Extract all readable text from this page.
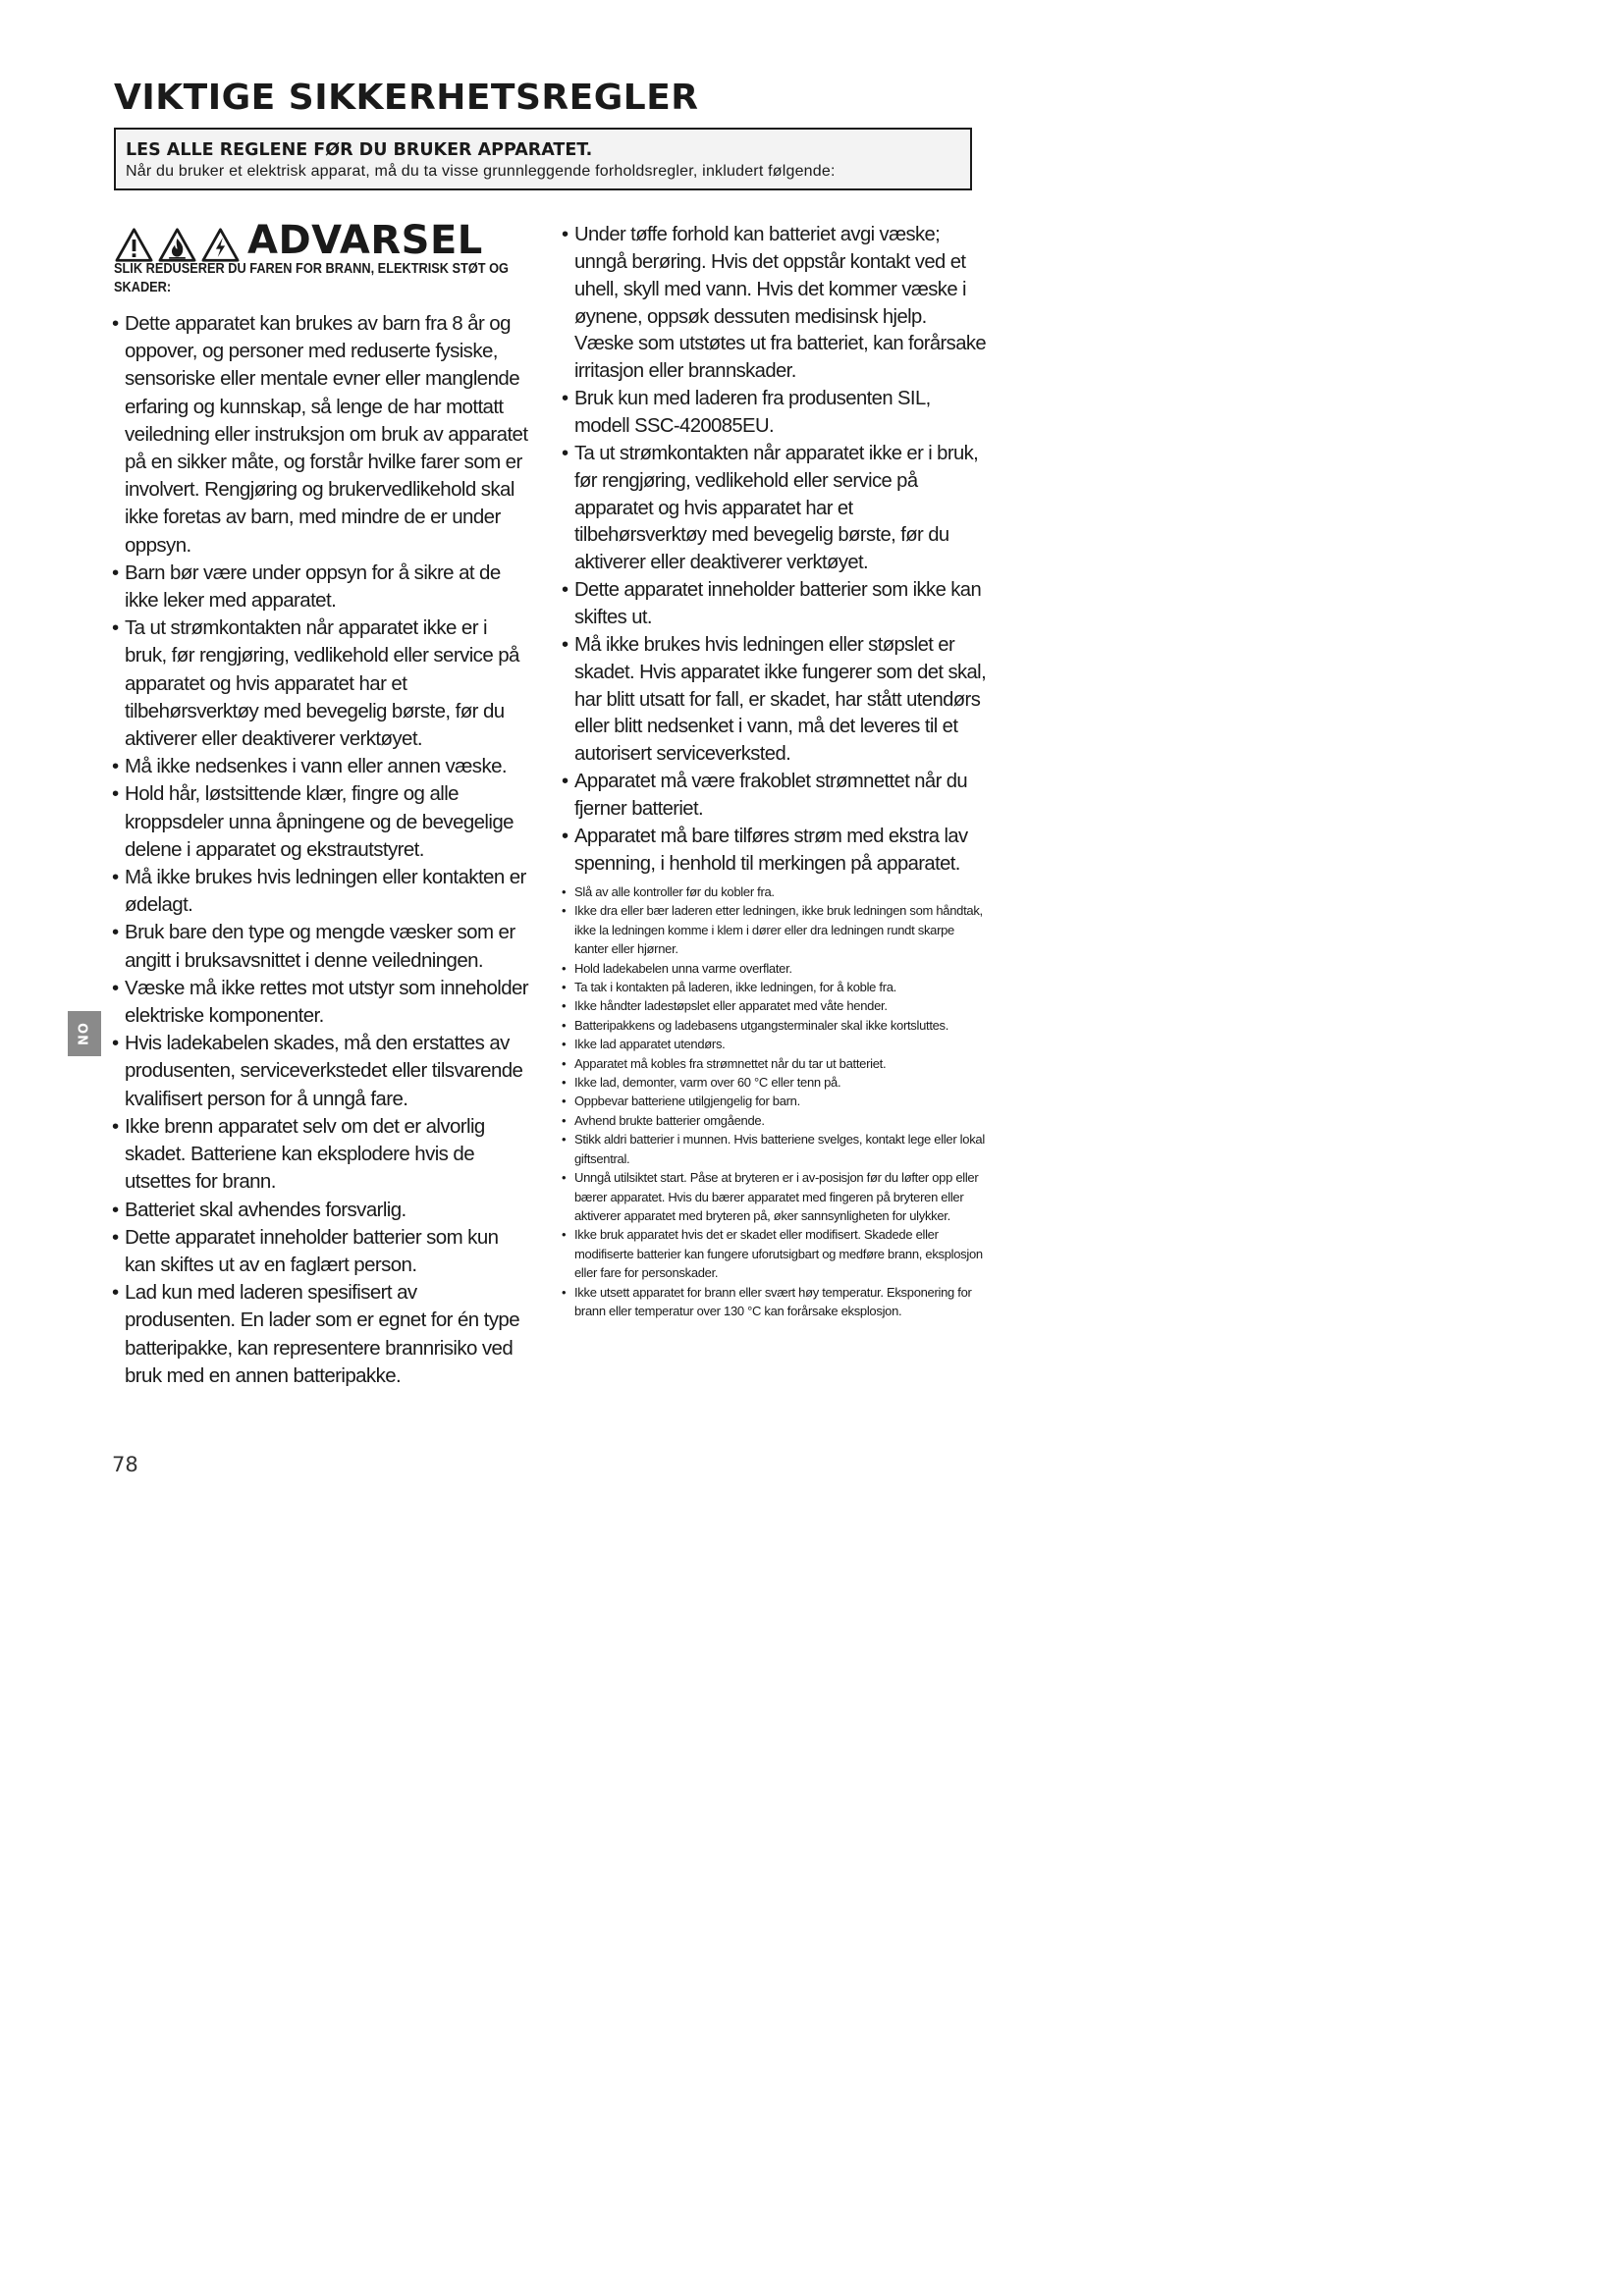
VIKTIGE SIKKERHETSREGLER
LES ALLE REGLENE FØR DU BRUKER APPARATET.
Når du bruker et elektrisk apparat, må du ta visse grunnleggende forholdsregler, inkludert følgende:
ADVARSEL
SLIK REDUSERER DU FAREN FOR BRANN, ELEKTRISK STØT OG SKADER:
• Dette apparatet kan brukes av barn fra 8 år og oppover, og personer med reduserte fysiske, sensoriske eller mentale evner eller manglende erfaring og kunnskap, så lenge de har mottatt veiledning eller instruksjon om bruk av apparatet på en sikker måte, og forstår hvilke farer som er involvert. Rengjøring og brukervedlikehold skal ikke foretas av barn, med mindre de er under oppsyn.
• Barn bør være under oppsyn for å sikre at de ikke leker med apparatet.
• Ta ut strømkontakten når apparatet ikke er i bruk, før rengjøring, vedlikehold eller service på apparatet og hvis apparatet har et tilbehørsverktøy med bevegelig børste, før du aktiverer eller deaktiverer verktøyet.
• Må ikke nedsenkes i vann eller annen væske.
• Hold hår, løstsittende klær, fingre og alle kroppsdeler unna åpningene og de bevegelige delene i apparatet og ekstrautstyret.
• Må ikke brukes hvis ledningen eller kontakten er ødelagt.
• Bruk bare den type og mengde væsker som er angitt i bruksavsnittet i denne veiledningen.
• Væske må ikke rettes mot utstyr som inneholder elektriske komponenter.
• Hvis ladekabelen skades, må den erstattes av produsenten, serviceverkstedet eller tilsvarende kvalifisert person for å unngå fare.
• Ikke brenn apparatet selv om det er alvorlig skadet. Batteriene kan eksplodere hvis de utsettes for brann.
• Batteriet skal avhendes forsvarlig.
• Dette apparatet inneholder batterier som kun kan skiftes ut av en faglært person.
• Lad kun med laderen spesifisert av produsenten. En lader som er egnet for én type batteripakke, kan representere brannrisiko ved bruk med en annen batteripakke.
• Under tøffe forhold kan batteriet avgi væske; unngå berøring. Hvis det oppstår kontakt ved et uhell, skyll med vann. Hvis det kommer væske i øynene, oppsøk dessuten medisinsk hjelp. Væske som utstøtes ut fra batteriet, kan forårsake irritasjon eller brannskader.
• Bruk kun med laderen fra produsenten SIL, modell SSC-420085EU.
• Ta ut strømkontakten når apparatet ikke er i bruk, før rengjøring, vedlikehold eller service på apparatet og hvis apparatet har et tilbehørsverktøy med bevegelig børste, før du aktiverer eller deaktiverer verktøyet.
• Dette apparatet inneholder batterier som ikke kan skiftes ut.
• Må ikke brukes hvis ledningen eller støpslet er skadet. Hvis apparatet ikke fungerer som det skal, har blitt utsatt for fall, er skadet, har stått utendørs eller blitt nedsenket i vann, må det leveres til et autorisert serviceverksted.
• Apparatet må være frakoblet strømnettet når du fjerner batteriet.
• Apparatet må bare tilføres strøm med ekstra lav spenning, i henhold til merkingen på apparatet.
• Slå av alle kontroller før du kobler fra.
• Ikke dra eller bær laderen etter ledningen, ikke bruk ledningen som håndtak, ikke la ledningen komme i klem i dører eller dra ledningen rundt skarpe kanter eller hjørner.
• Hold ladekabelen unna varme overflater.
• Ta tak i kontakten på laderen, ikke ledningen, for å koble fra.
• Ikke håndter ladestøpslet eller apparatet med våte hender.
• Batteripakkens og ladebasens utgangsterminaler skal ikke kortsluttes.
• Ikke lad apparatet utendørs.
• Apparatet må kobles fra strømnettet når du tar ut batteriet.
• Ikke lad, demonter, varm over 60 °C eller tenn på.
• Oppbevar batteriene utilgjengelig for barn.
• Avhend brukte batterier omgående.
• Stikk aldri batterier i munnen. Hvis batteriene svelges, kontakt lege eller lokal giftsentral.
• Unngå utilsiktet start. Påse at bryteren er i av-posisjon før du løfter opp eller bærer apparatet. Hvis du bærer apparatet med fingeren på bryteren eller aktiverer apparatet med bryteren på, øker sannsynligheten for ulykker.
• Ikke bruk apparatet hvis det er skadet eller modifisert. Skadede eller modifiserte batterier kan fungere uforutsigbart og medføre brann, eksplosjon eller fare for personskader.
• Ikke utsett apparatet for brann eller svært høy temperatur. Eksponering for brann eller temperatur over 130 °C kan forårsake eksplosjon.
NO
78
